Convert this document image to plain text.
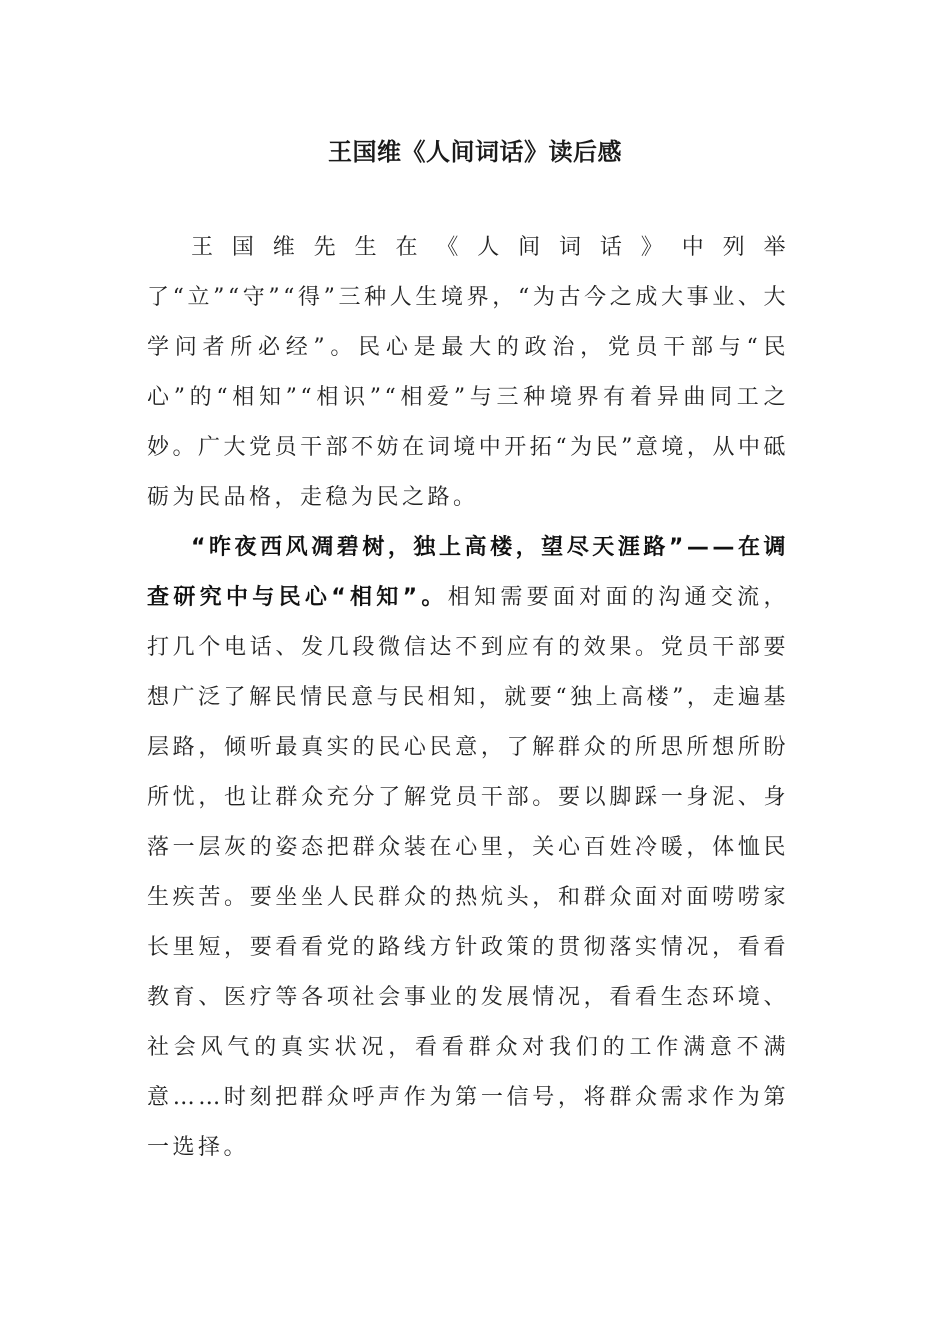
王国维《人间词话》读后感

王国维先生在《人间词话》中列举了“立”“守”“得”三种人生境界，“为古今之成大事业、大学问者所必经”。民心是最大的政治，党员干部与“民心”的“相知”“相识”“相爱”与三种境界有着异曲同工之妙。广大党员干部不妨在词境中开拓“为民”意境，从中砥砺为民品格，走稳为民之路。

“昨夜西风凋碧树，独上高楼，望尽天涯路”——在调查研究中与民心“相知”。相知需要面对面的沟通交流，打几个电话、发几段微信达不到应有的效果。党员干部要想广泛了解民情民意与民相知，就要“独上高楼”，走遍基层路，倾听最真实的民心民意，了解群众的所思所想所盼所忧，也让群众充分了解党员干部。要以脚踩一身泥、身落一层灰的姿态把群众装在心里，关心百姓冷暖，体恤民生疾苦。要坐坐人民群众的热炕头，和群众面对面唠唠家长里短，要看看党的路线方针政策的贯彻落实情况，看看教育、医疗等各项社会事业的发展情况，看看生态环境、社会风气的真实状况，看看群众对我们的工作满意不满意……时刻把群众呼声作为第一信号，将群众需求作为第一选择。
